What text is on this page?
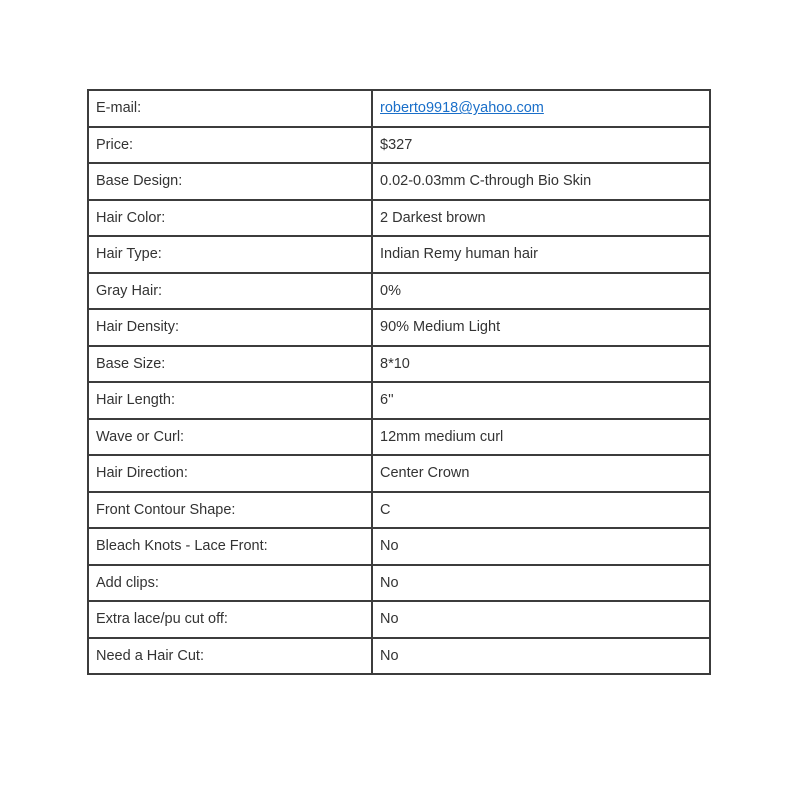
E-mail:	roberto9918@yahoo.com
Price:	$327
Base Design:	0.02-0.03mm C-through Bio Skin
Hair Color:	2 Darkest brown
Hair Type:	Indian Remy human hair
Gray Hair:	0%
Hair Density:	90% Medium Light
Base Size:	8*10
Hair Length:	6''
Wave or Curl:	12mm medium curl
Hair Direction:	Center Crown
Front Contour Shape:	C
Bleach Knots - Lace Front:	No
Add clips:	No
Extra lace/pu cut off:	No
Need a Hair Cut:	No
